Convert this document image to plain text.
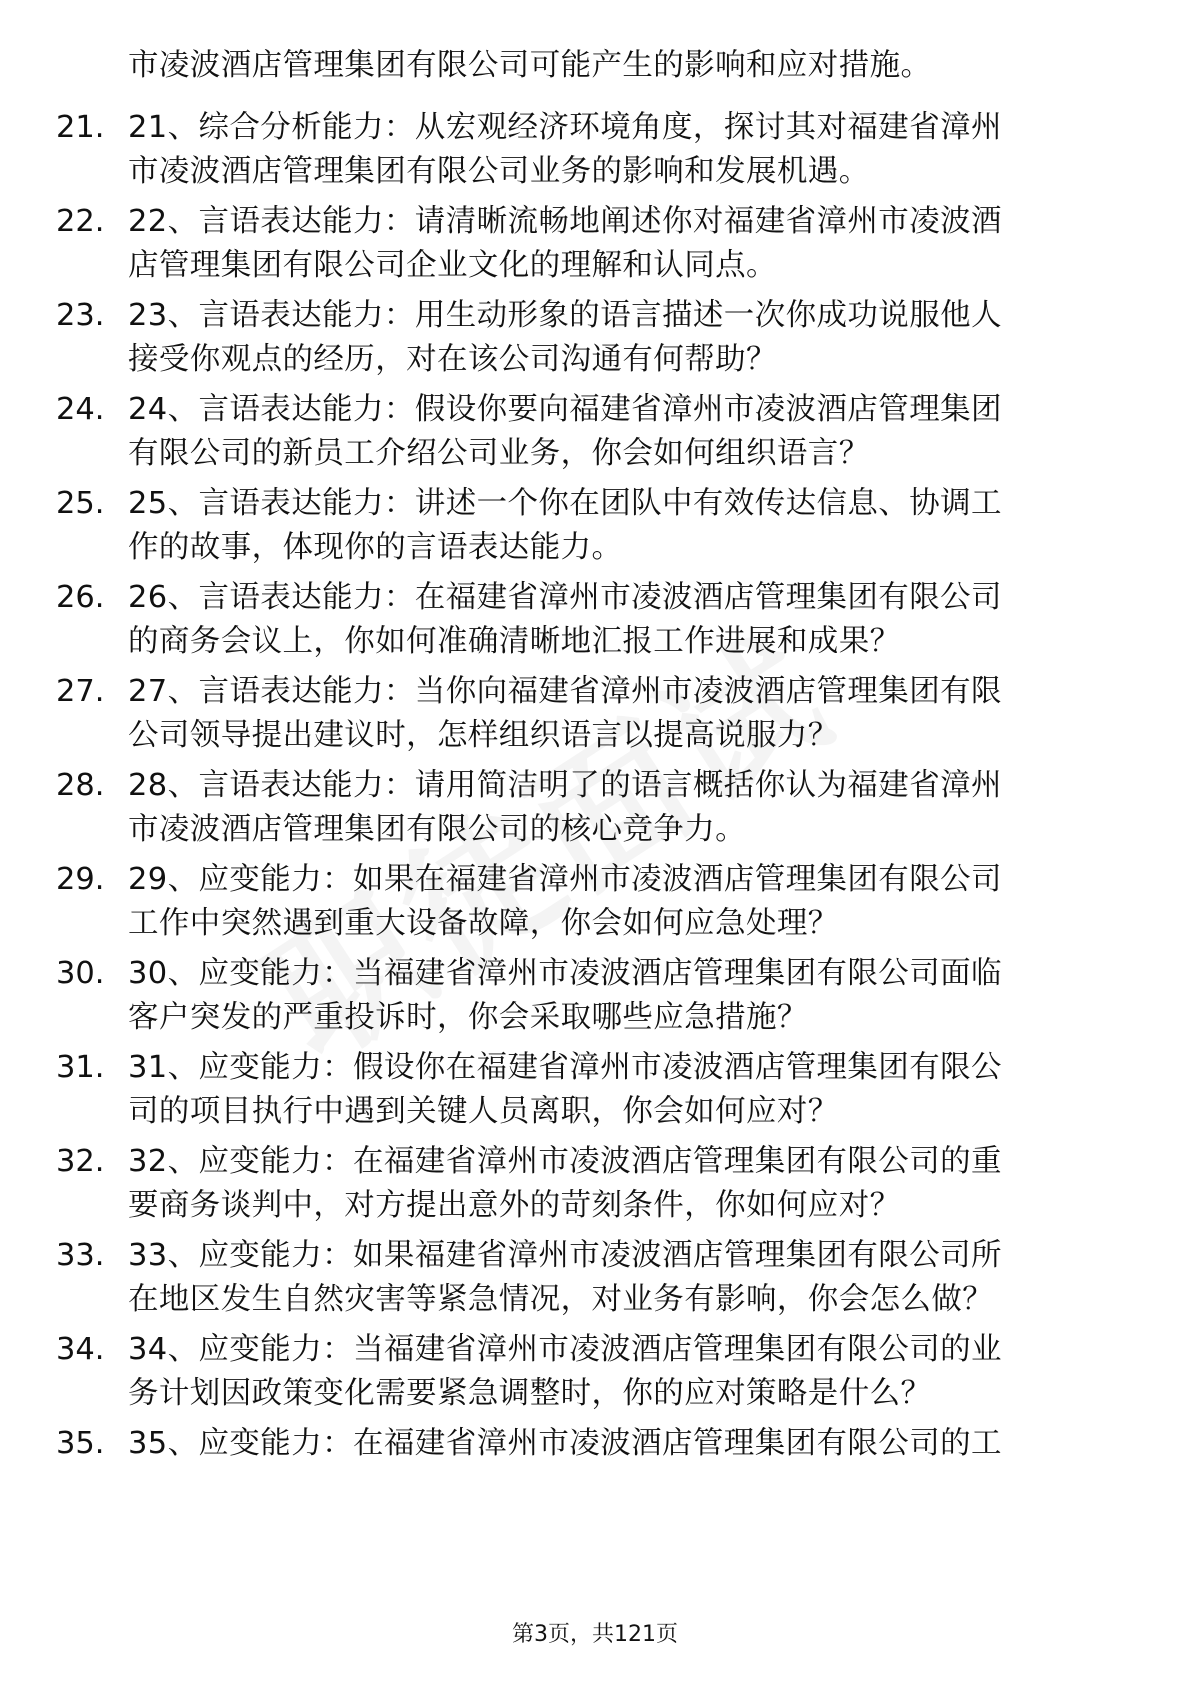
市凌波酒店管理集团有限公司可能产生的影响和应对措施。
21. 21、综合分析能力：从宏观经济环境角度，探讨其对福建省漳州
市凌波酒店管理集团有限公司业务的影响和发展机遇。
22. 22、言语表达能力：请清晰流畅地阐述你对福建省漳州市凌波酒
店管理集团有限公司企业文化的理解和认同点。
23. 23、言语表达能力：用生动形象的语言描述一次你成功说服他人
接受你观点的经历，对在该公司沟通有何帮助？
24. 24、言语表达能力：假设你要向福建省漳州市凌波酒店管理集团
有限公司的新员工介绍公司业务，你会如何组织语言？
25. 25、言语表达能力：讲述一个你在团队中有效传达信息、协调工
作的故事，体现你的言语表达能力。
26. 26、言语表达能力：在福建省漳州市凌波酒店管理集团有限公司
的商务会议上，你如何准确清晰地汇报工作进展和成果？
27. 27、言语表达能力：当你向福建省漳州市凌波酒店管理集团有限
公司领导提出建议时，怎样组织语言以提高说服力？
28. 28、言语表达能力：请用简洁明了的语言概括你认为福建省漳州
市凌波酒店管理集团有限公司的核心竞争力。
29. 29、应变能力：如果在福建省漳州市凌波酒店管理集团有限公司
工作中突然遇到重大设备故障，你会如何应急处理？
30. 30、应变能力：当福建省漳州市凌波酒店管理集团有限公司面临
客户突发的严重投诉时，你会采取哪些应急措施？
31. 31、应变能力：假设你在福建省漳州市凌波酒店管理集团有限公
司的项目执行中遇到关键人员离职，你会如何应对？
32. 32、应变能力：在福建省漳州市凌波酒店管理集团有限公司的重
要商务谈判中，对方提出意外的苛刻条件，你如何应对？
33. 33、应变能力：如果福建省漳州市凌波酒店管理集团有限公司所
在地区发生自然灾害等紧急情况，对业务有影响，你会怎么做？
34. 34、应变能力：当福建省漳州市凌波酒店管理集团有限公司的业
务计划因政策变化需要紧急调整时，你的应对策略是什么？
35. 35、应变能力：在福建省漳州市凌波酒店管理集团有限公司的工
第3页，共121页
